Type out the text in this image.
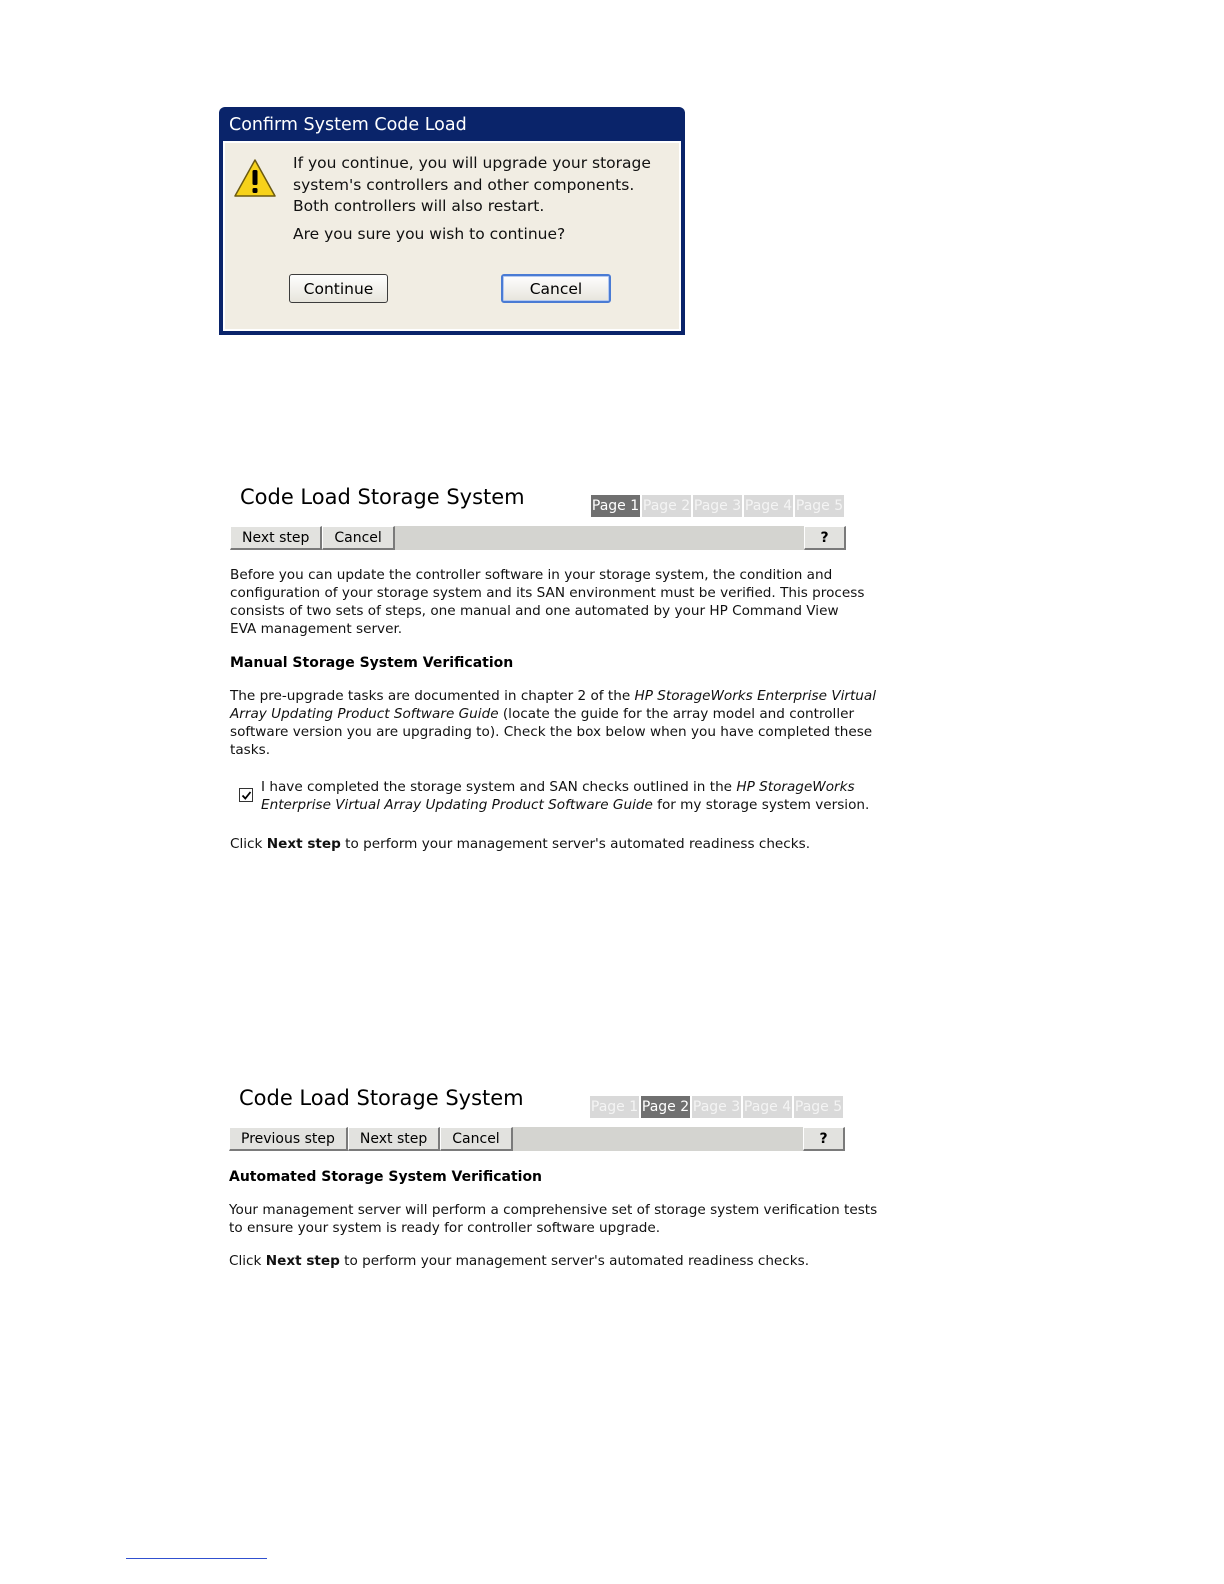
Confirm System Code Load
If you continue, you will upgrade your storage
system's controllers and other components.
Both controllers will also restart.
Are you sure you wish to continue?
Continue	Cancel
Code Load Storage System	Page 1 Page 2 Page 3 Page 4 Page 5
Next step	Cancel	?
Before you can update the controller software in your storage system, the condition and
configuration of your storage system and its SAN environment must be verified. This process
consists of two sets of steps, one manual and one automated by your HP Command View
EVA management server.
Manual Storage System Verification
The pre-upgrade tasks are documented in chapter 2 of the HP StorageWorks Enterprise Virtual
Array Updating Product Software Guide (locate the guide for the array model and controller
software version you are upgrading to). Check the box below when you have completed these
tasks.
I have completed the storage system and SAN checks outlined in the HP StorageWorks
Enterprise Virtual Array Updating Product Software Guide for my storage system version.
Click Next step to perform your management server's automated readiness checks.
Code Load Storage System	Page 1 Page 2 Page 3 Page 4 Page 5
Previous step	Next step	Cancel	?
Automated Storage System Verification
Your management server will perform a comprehensive set of storage system verification tests
to ensure your system is ready for controller software upgrade.
Click Next step to perform your management server's automated readiness checks.
